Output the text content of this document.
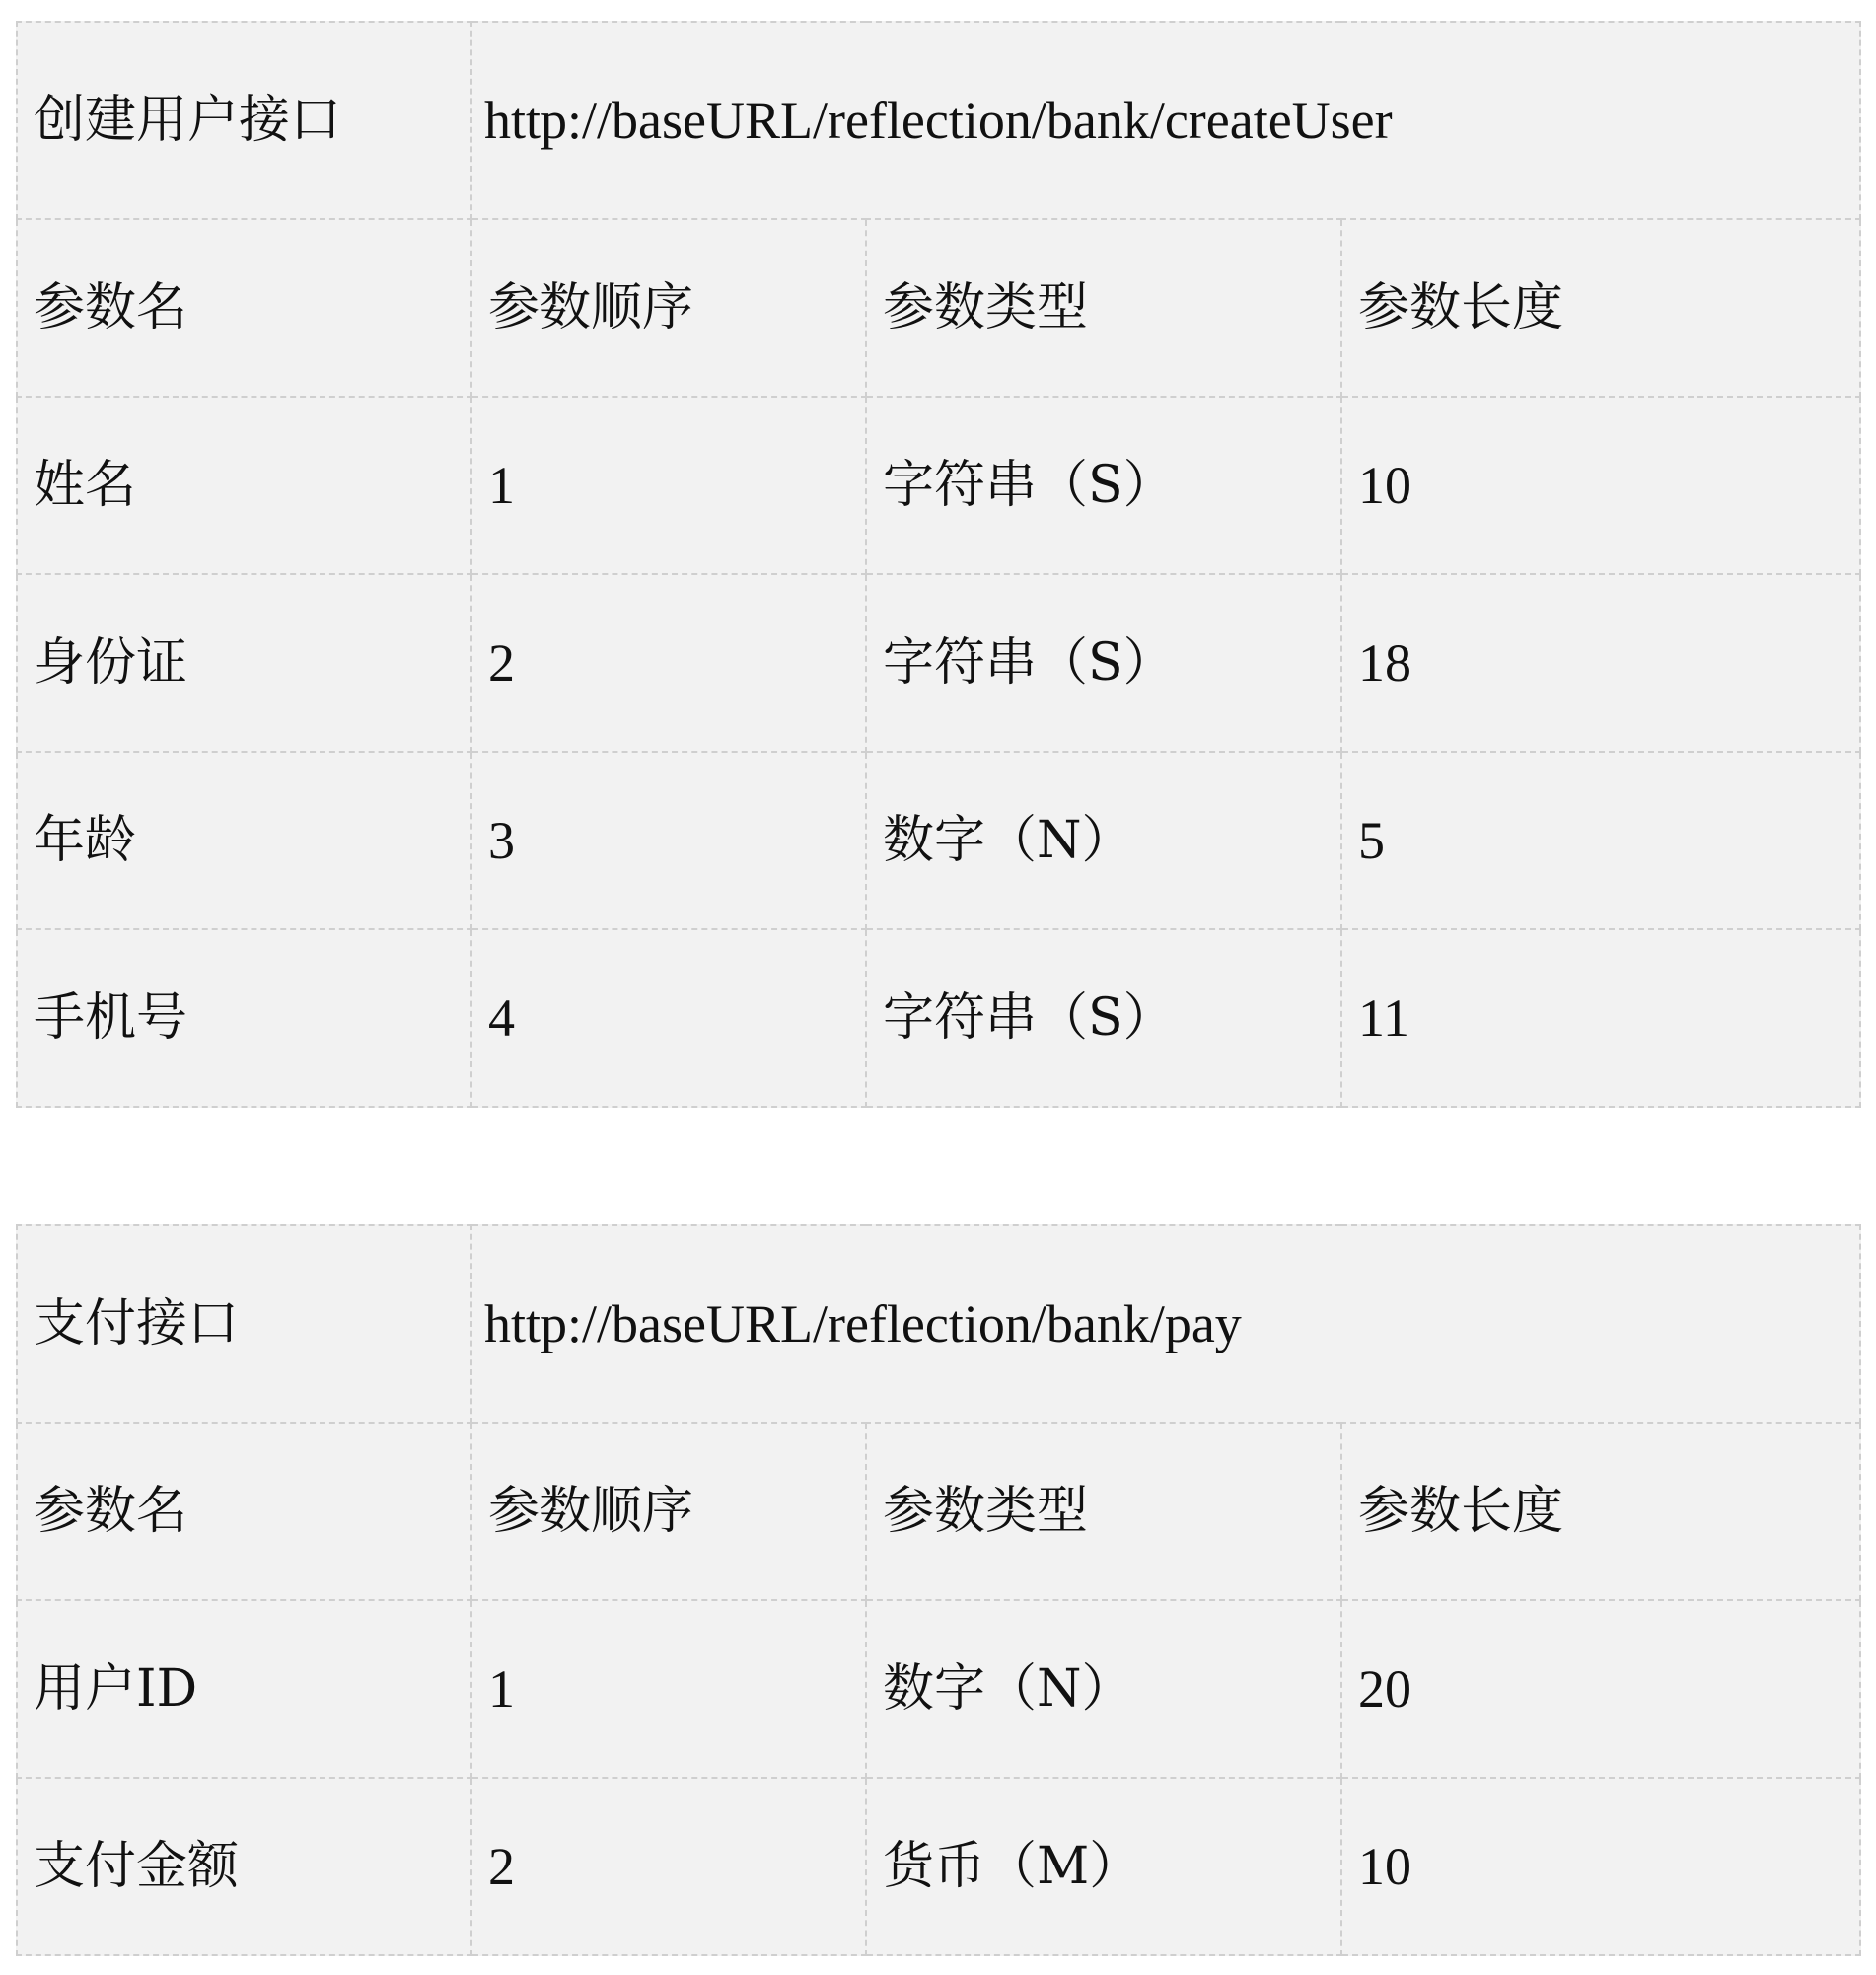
创建用户接口	http://baseURL/reflection/bank/createUser		
参数名	参数顺序	参数类型	参数长度
姓名	1	字符串（S）	10
身份证	2	字符串（S）	18
年龄	3	数字（N）	5
手机号	4	字符串（S）	11
支付接口	http://baseURL/reflection/bank/pay		
参数名	参数顺序	参数类型	参数长度
用户ID	1	数字（N）	20
支付金额	2	货币（M）	10
